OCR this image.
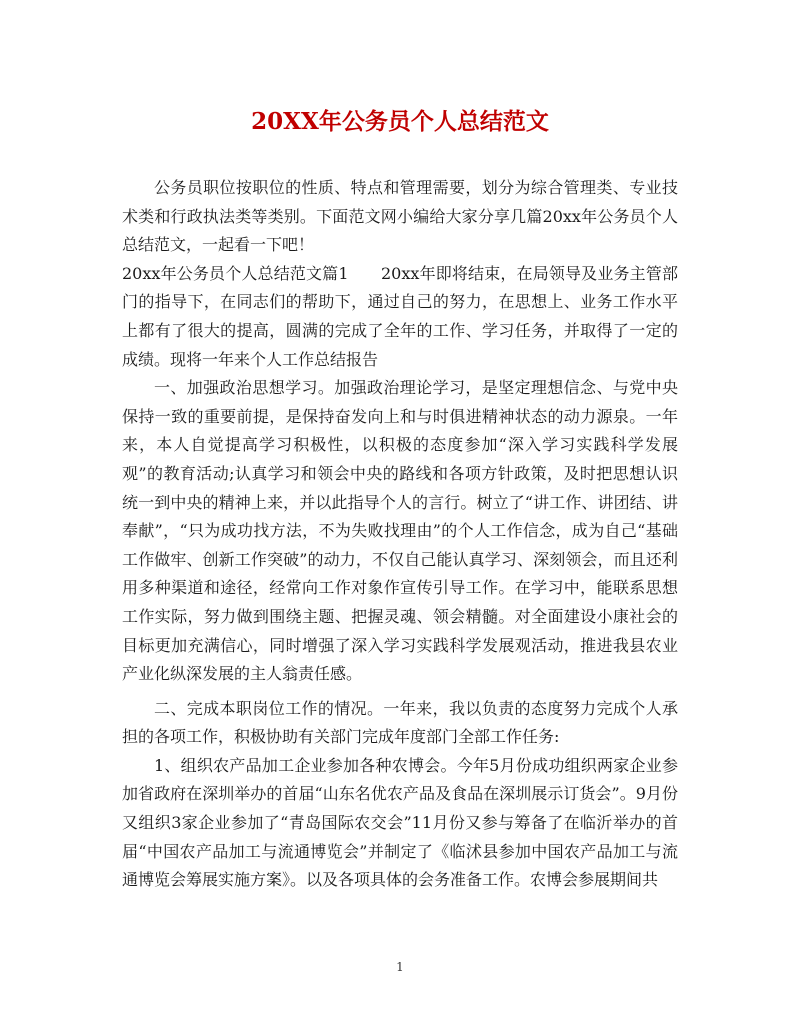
20XX年公务员个人总结范文

公务员职位按职位的性质、特点和管理需要，划分为综合管理类、专业技术类和行政执法类等类别。下面范文网小编给大家分享几篇20xx年公务员个人总结范文，一起看一下吧！

20xx年公务员个人总结范文篇1　　20xx年即将结束，在局领导及业务主管部门的指导下，在同志们的帮助下，通过自己的努力，在思想上、业务工作水平上都有了很大的提高，圆满的完成了全年的工作、学习任务，并取得了一定的成绩。现将一年来个人工作总结报告

一、加强政治思想学习。加强政治理论学习，是坚定理想信念、与党中央保持一致的重要前提，是保持奋发向上和与时俱进精神状态的动力源泉。一年来，本人自觉提高学习积极性，以积极的态度参加“深入学习实践科学发展观”的教育活动;认真学习和领会中央的路线和各项方针政策，及时把思想认识统一到中央的精神上来，并以此指导个人的言行。树立了“讲工作、讲团结、讲奉献”，“只为成功找方法，不为失败找理由”的个人工作信念，成为自己“基础工作做牢、创新工作突破”的动力，不仅自己能认真学习、深刻领会，而且还利用多种渠道和途径，经常向工作对象作宣传引导工作。在学习中，能联系思想工作实际，努力做到围绕主题、把握灵魂、领会精髓。对全面建设小康社会的目标更加充满信心，同时增强了深入学习实践科学发展观活动，推进我县农业产业化纵深发展的主人翁责任感。

二、完成本职岗位工作的情况。一年来，我以负责的态度努力完成个人承担的各项工作，积极协助有关部门完成年度部门全部工作任务:

1、组织农产品加工企业参加各种农博会。今年5月份成功组织两家企业参加省政府在深圳举办的首届“山东名优农产品及食品在深圳展示订货会”。9月份又组织3家企业参加了“青岛国际农交会”11月份又参与筹备了在临沂举办的首届“中国农产品加工与流通博览会”并制定了《临沭县参加中国农产品加工与流通博览会筹展实施方案》。以及各项具体的会务准备工作。农博会参展期间共

1
